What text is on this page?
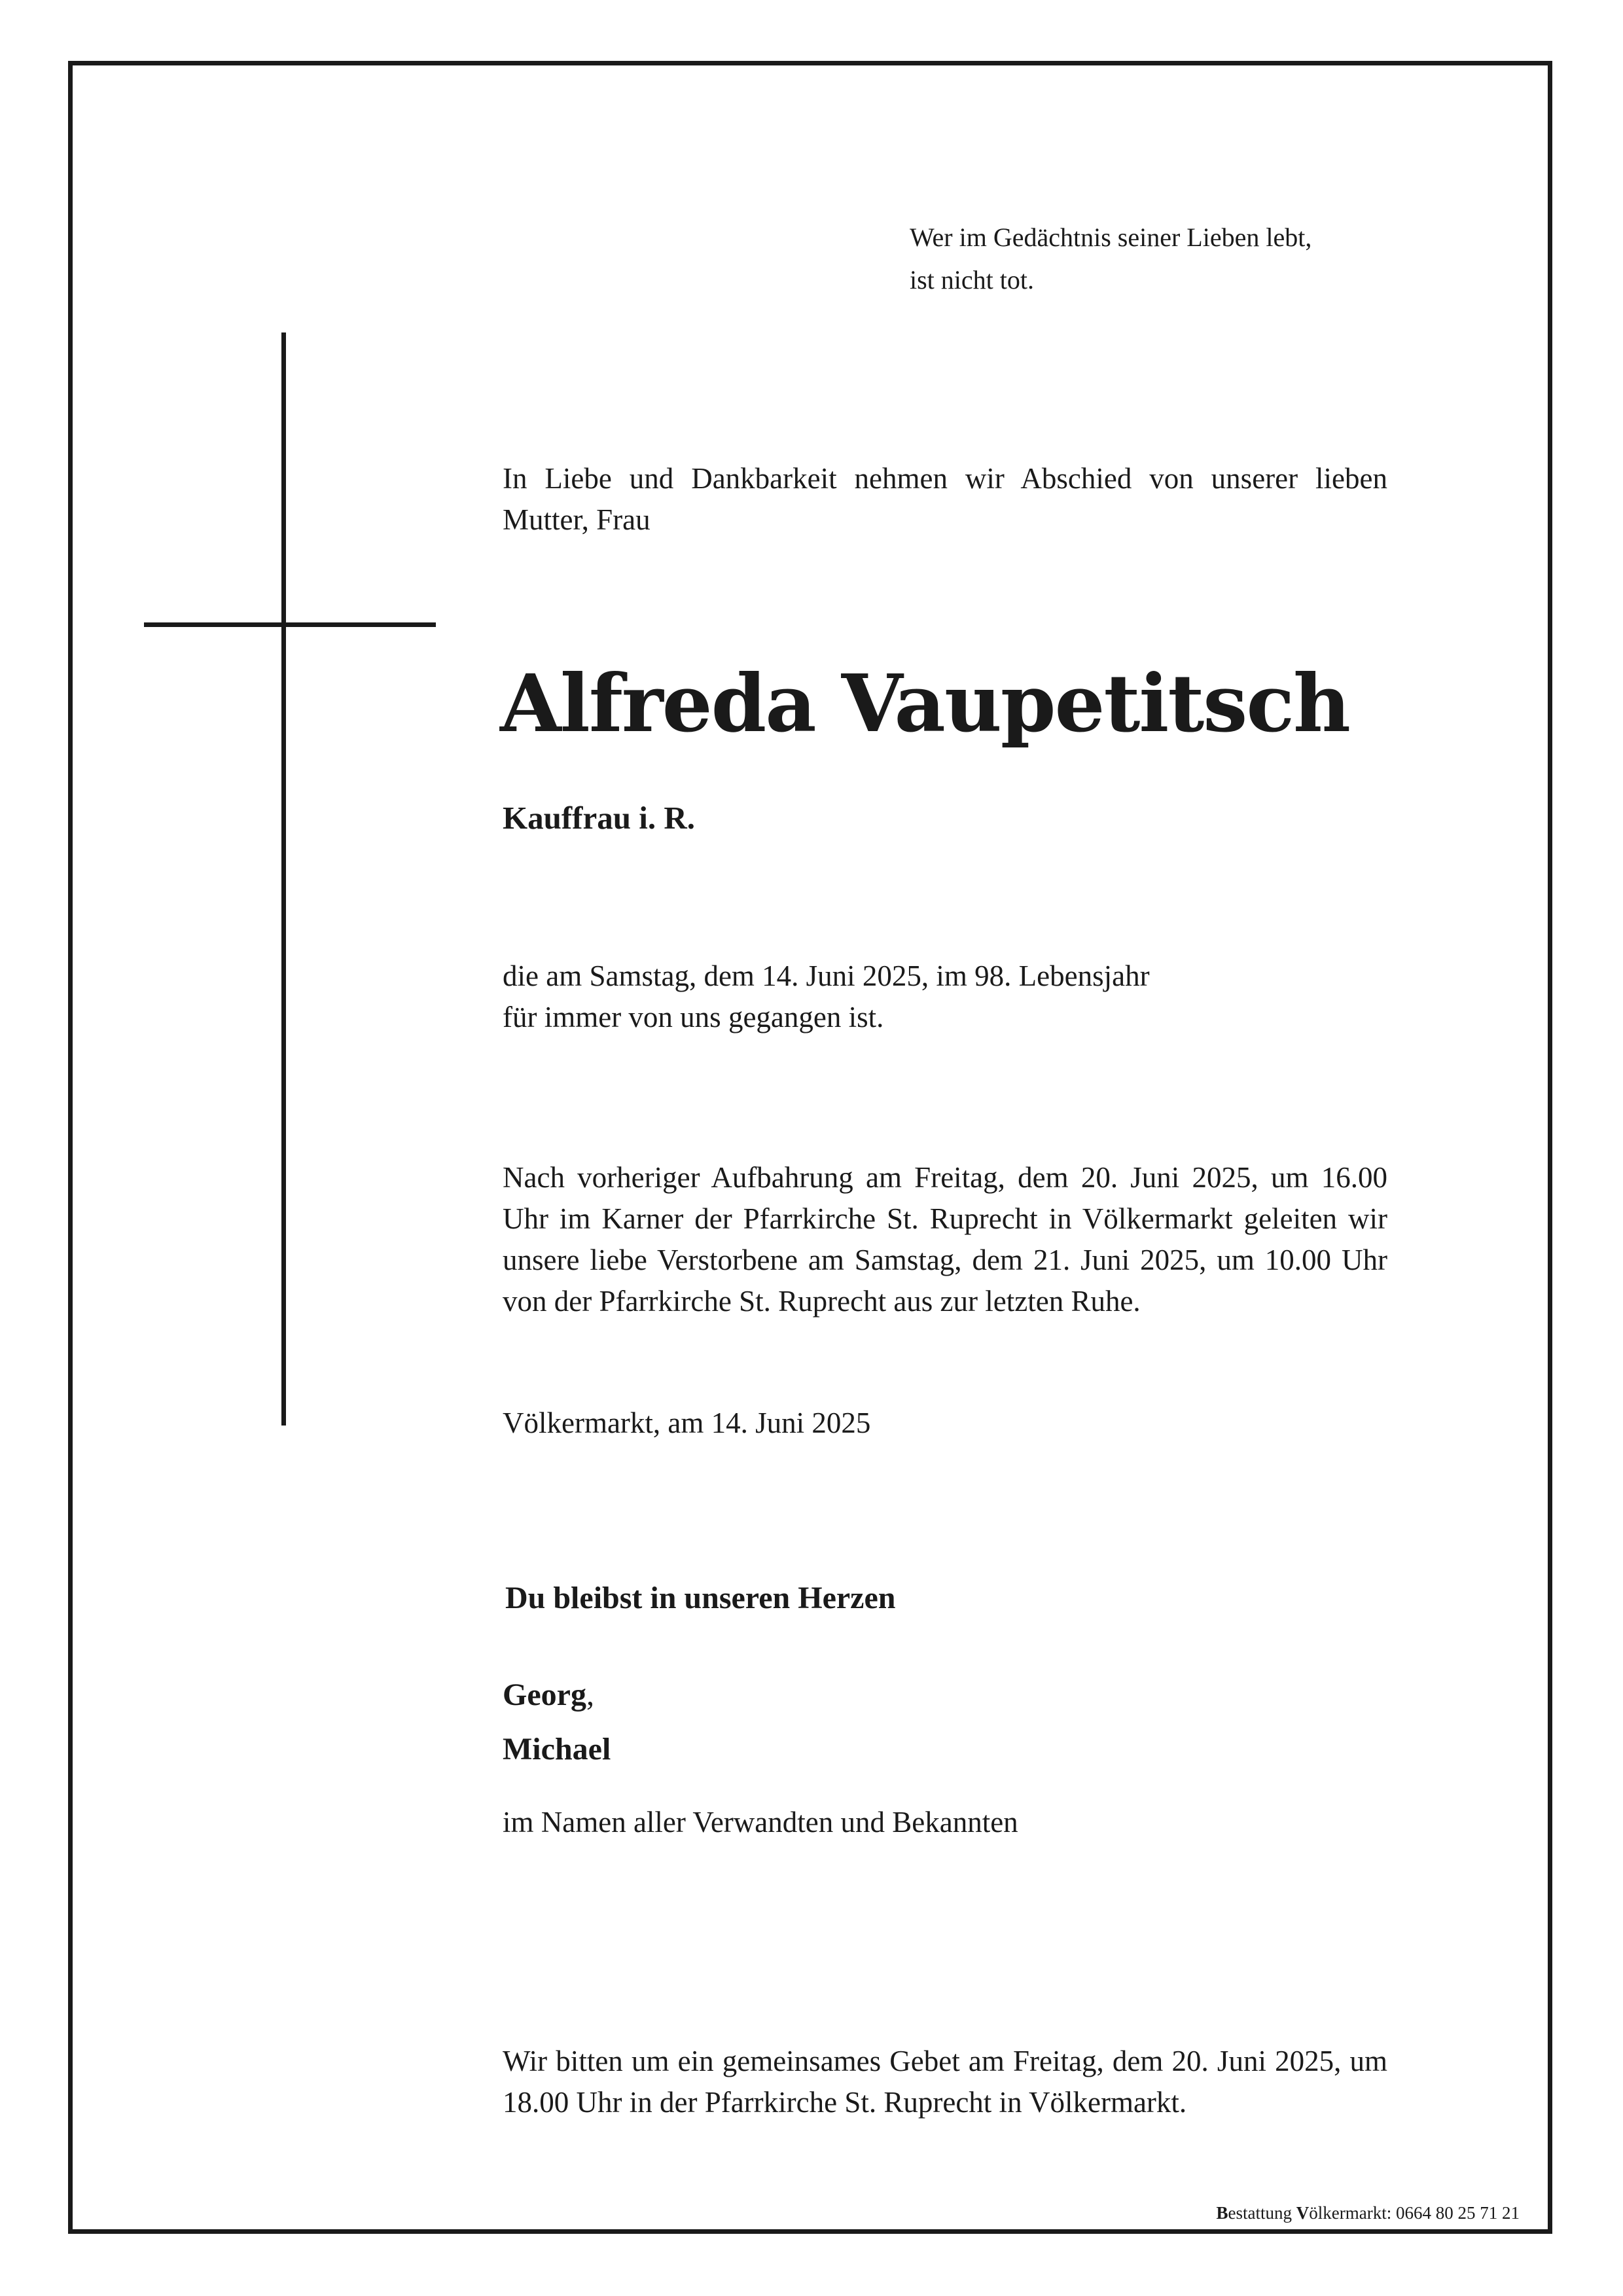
Wer im Gedächtnis seiner Lieben lebt,
ist nicht tot.
In Liebe und Dankbarkeit nehmen wir Abschied von unserer lieben Mutter, Frau
Alfreda Vaupetitsch
Kauffrau i. R.
die am Samstag, dem 14. Juni 2025, im 98. Lebensjahr
für immer von uns gegangen ist.
Nach vorheriger Aufbahrung am Freitag, dem 20. Juni 2025, um 16.00 Uhr im Karner der Pfarrkirche St. Ruprecht in Völkermarkt geleiten wir unsere liebe Verstorbene am Samstag, dem 21. Juni 2025, um 10.00 Uhr von der Pfarrkirche St. Ruprecht aus zur letzten Ruhe.
Völkermarkt, am 14. Juni 2025
Du bleibst in unseren Herzen
Georg,
Michael
im Namen aller Verwandten und Bekannten
Wir bitten um ein gemeinsames Gebet am Freitag, dem 20. Juni 2025, um 18.00 Uhr in der Pfarrkirche St. Ruprecht in Völkermarkt.
Bestattung Völkermarkt: 0664 80 25 71 21
